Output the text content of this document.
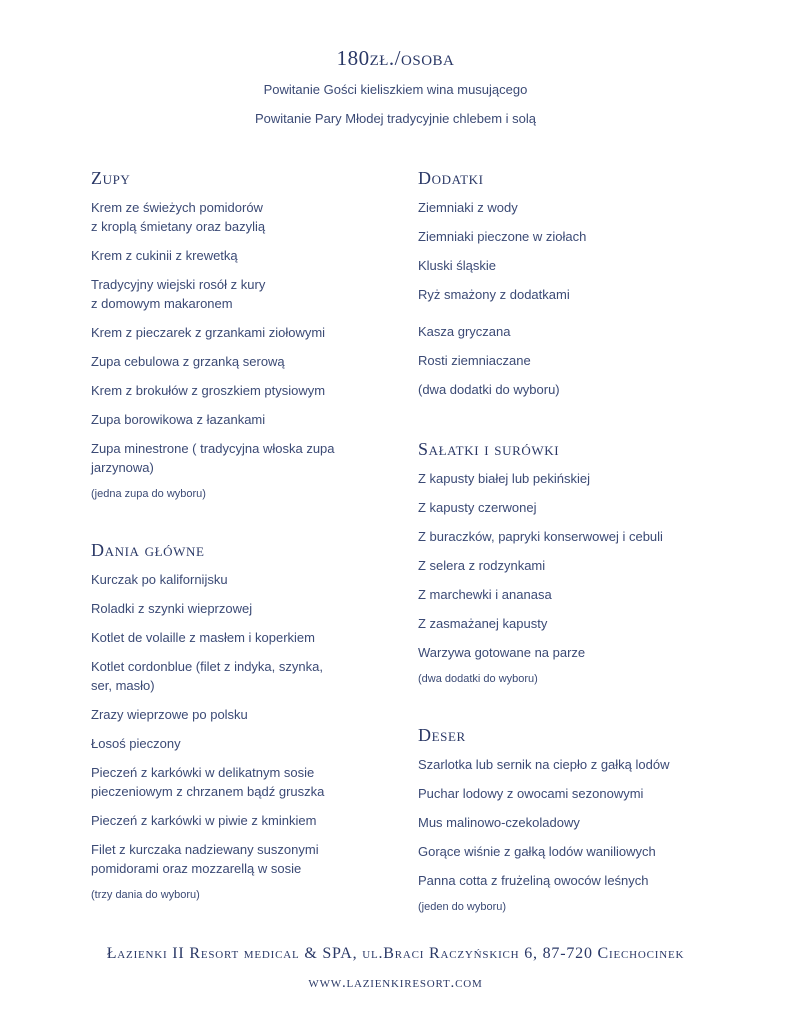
180zł./osoba
Powitanie Gości kieliszkiem wina musującego
Powitanie Pary Młodej tradycyjnie chlebem i solą
Zupy
Krem ze świeżych pomidorów
z kroplą śmietany oraz bazylią
Krem z cukinii z krewetką
Tradycyjny wiejski rosół z kury
z domowym makaronem
Krem z pieczarek z grzankami ziołowymi
Zupa cebulowa z grzanką serową
Krem z brokułów z groszkiem ptysiowym
Zupa borowikowa z łazankami
Zupa minestrone ( tradycyjna włoska zupa
jarzynowa)
(jedna zupa do wyboru)
Dania główne
Kurczak po kalifornijsku
Roladki z szynki wieprzowej
Kotlet de volaille z masłem i koperkiem
Kotlet cordonblue (filet z indyka, szynka,
ser, masło)
Zrazy wieprzowe po polsku
Łosoś pieczony
Pieczeń z karkówki w delikatnym sosie
pieczeniowym z chrzanem bądź gruszka
Pieczeń z karkówki w piwie z kminkiem
Filet z kurczaka nadziewany suszonymi
pomidorami oraz mozzarellą w sosie
(trzy dania do wyboru)
Dodatki
Ziemniaki z wody
Ziemniaki pieczone w ziołach
Kluski śląskie
Ryż smażony z dodatkami
Kasza gryczana
Rosti ziemniaczane
(dwa dodatki do wyboru)
Sałatki i surówki
Z kapusty białej lub pekińskiej
Z kapusty czerwonej
Z buraczków, papryki konserwowej i cebuli
Z selera z rodzynkami
Z marchewki i ananasa
Z zasmażanej kapusty
Warzywa gotowane na parze
(dwa dodatki do wyboru)
Deser
Szarlotka lub sernik na ciepło z gałką lodów
Puchar lodowy z owocami sezonowymi
Mus malinowo-czekoladowy
Gorące wiśnie z gałką lodów waniliowych
Panna cotta z frużeliną owoców leśnych
(jeden do wyboru)
Łazienki II Resort medical & SPA, ul.Braci Raczyńskich 6, 87-720 Ciechocinek
www.lazienkiresort.com
